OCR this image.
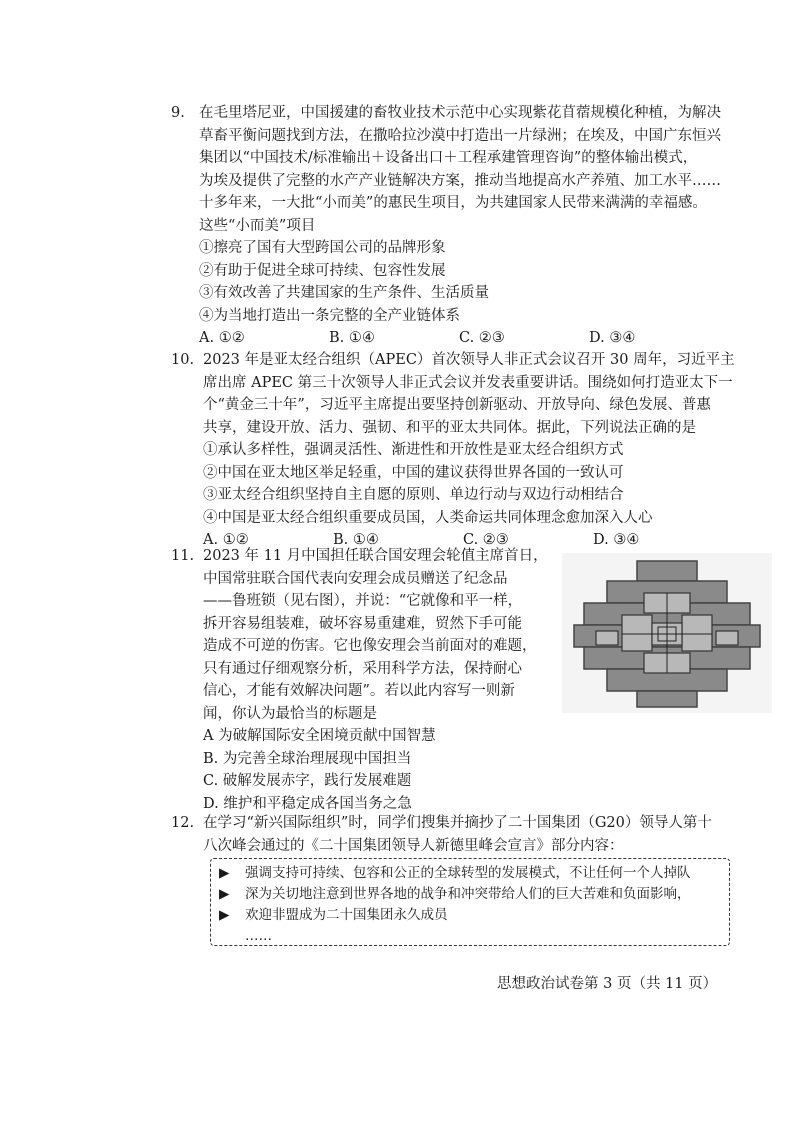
9. 在毛里塔尼亚，中国援建的畜牧业技术示范中心实现紫花苜蓿规模化种植，为解决
草畜平衡问题找到方法，在撒哈拉沙漠中打造出一片绿洲；在埃及，中国广东恒兴
集团以“中国技术/标准输出＋设备出口＋工程承建管理咨询”的整体输出模式，
为埃及提供了完整的水产产业链解决方案，推动当地提高水产养殖、加工水平……
十多年来，一大批“小而美”的惠民生项目，为共建国家人民带来满满的幸福感。
这些“小而美”项目
①擦亮了国有大型跨国公司的品牌形象
②有助于促进全球可持续、包容性发展
③有效改善了共建国家的生产条件、生活质量
④为当地打造出一条完整的全产业链体系
A. ①②	B. ①④	C. ②③	D. ③④
10. 2023 年是亚太经合组织（APEC）首次领导人非正式会议召开 30 周年，习近平主
席出席 APEC 第三十次领导人非正式会议并发表重要讲话。围绕如何打造亚太下一
个“黄金三十年”，习近平主席提出要坚持创新驱动、开放导向、绿色发展、普惠
共享，建设开放、活力、强韧、和平的亚太共同体。据此，下列说法正确的是
①承认多样性，强调灵活性、渐进性和开放性是亚太经合组织方式
②中国在亚太地区举足轻重，中国的建议获得世界各国的一致认可
③亚太经合组织坚持自主自愿的原则、单边行动与双边行动相结合
④中国是亚太经合组织重要成员国，人类命运共同体理念愈加深入人心
A. ①②	B. ①④	C. ②③	D. ③④
11. 2023 年 11 月中国担任联合国安理会轮值主席首日，
中国常驻联合国代表向安理会成员赠送了纪念品
——鲁班锁（见右图），并说：“它就像和平一样，
拆开容易组装难，破坏容易重建难，贸然下手可能
造成不可逆的伤害。它也像安理会当前面对的难题，
只有通过仔细观察分析，采用科学方法，保持耐心
信心，才能有效解决问题”。若以此内容写一则新
闻，你认为最恰当的标题是
A 为破解国际安全困境贡献中国智慧
B. 为完善全球治理展现中国担当
C. 破解发展赤字，践行发展难题
D. 维护和平稳定成各国当务之急
12. 在学习“新兴国际组织”时，同学们搜集并摘抄了二十国集团（G20）领导人第十
八次峰会通过的《二十国集团领导人新德里峰会宣言》部分内容：
▶ 强调支持可持续、包容和公正的全球转型的发展模式，不让任何一个人掉队
▶ 深为关切地注意到世界各地的战争和冲突带给人们的巨大苦难和负面影响，
▶ 欢迎非盟成为二十国集团永久成员
……
思想政治试卷第 3 页（共 11 页）
